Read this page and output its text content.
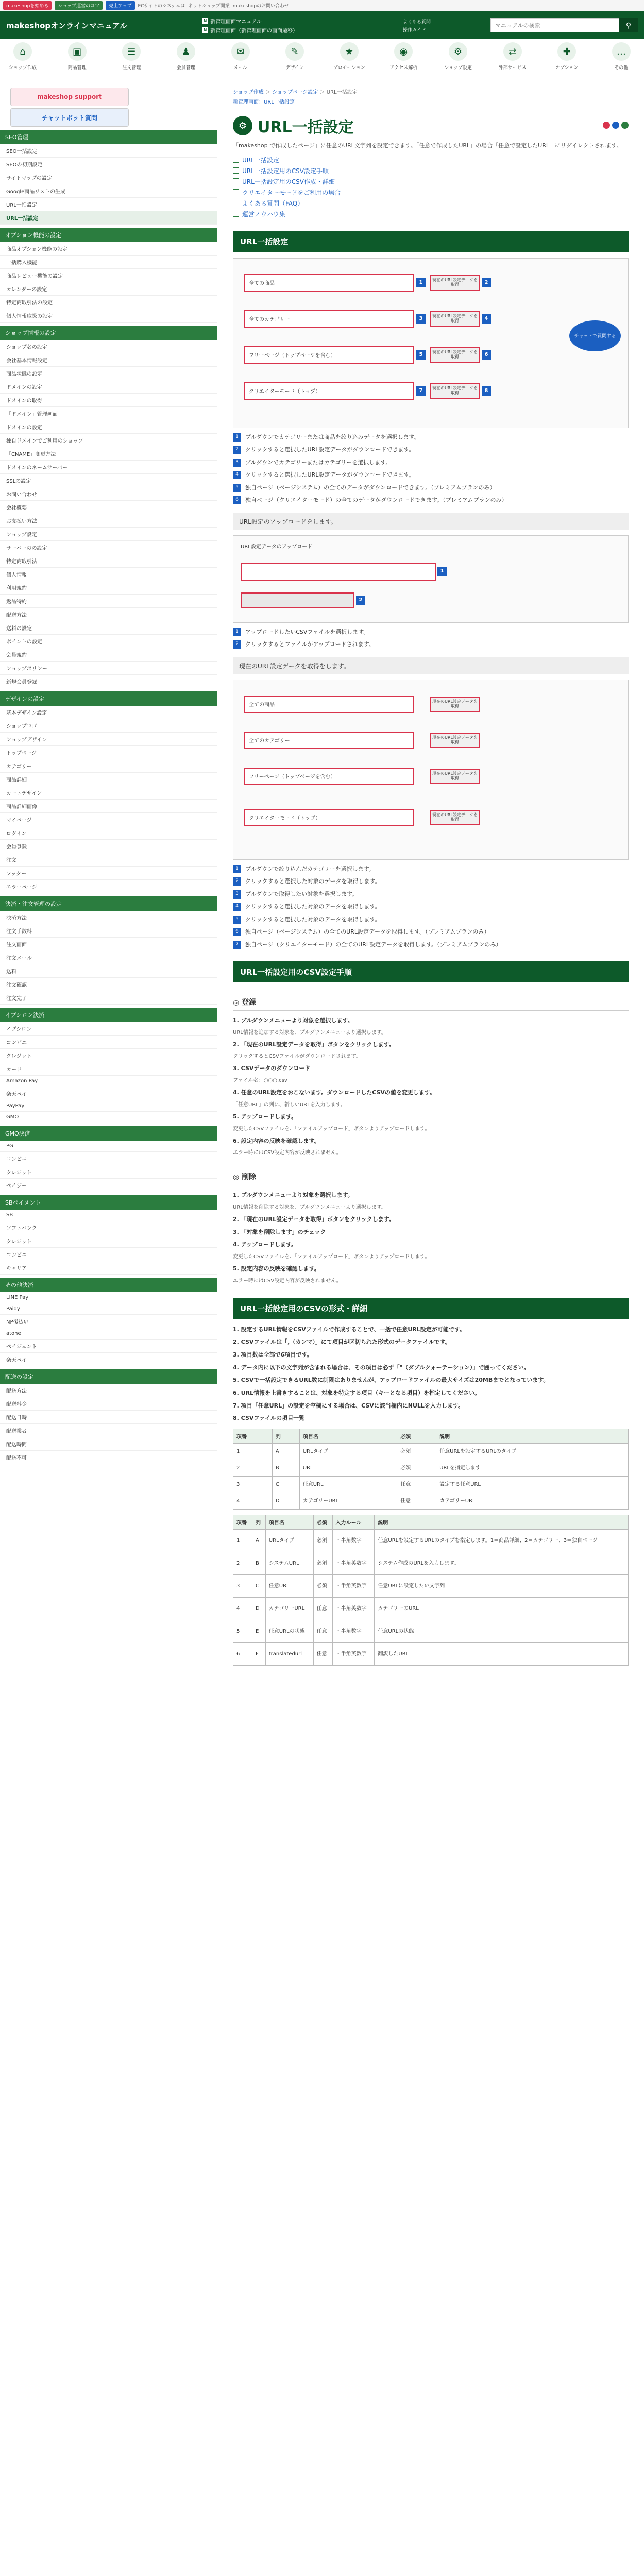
makeshopを始める	ショップ運営のコツ	売上アップ	ECサイトのシステムは ネットショップ開業 makeshopのお問い合わせ
makeshopオンラインマニュアル
N 新管理画面マニュアル
N 新管理画面（新管理画面の画面遷移）
よくある質問
操作ガイド
マニュアルの検索
⚲
⌂
ショップ作成
▣
商品管理
☰
注文管理
♟
会員管理
✉
メール
✎
デザイン
★
プロモーション
◉
アクセス解析
⚙
ショップ設定
⇄
外部サービス
✚
オプション
…
その他
makeshop support
チャットボット質問
SEO管理
SEO一括設定
SEOの初期設定
サイトマップの設定
Google商品リストの生成
URL一括設定
URL一括設定
オプション機能の設定
商品オプション機能の設定
一括購入機能
商品レビュー機能の設定
カレンダーの設定
特定商取引法の設定
個人情報取扱の設定
ショップ情報の設定
ショップ名の設定
会社基本情報設定
商品状態の設定
ドメインの設定
ドメインの取得
「ドメイン」管理画面
ドメインの設定
独自ドメインでご利用のショップ
「CNAME」変更方法
ドメインのネームサーバー
SSLの設定
お問い合わせ
会社概要
お支払い方法
ショップ設定
サーバーのの設定
特定商取引法
個人情報
利用規約
返品特約
配送方法
送料の設定
ポイントの設定
会員規約
ショップポリシー
新規会員登録
デザインの設定
基本デザイン設定
ショップロゴ
ショップデザイン
トップページ
カテゴリー
商品詳細
カートデザイン
商品詳細画像
マイページ
ログイン
会員登録
注文
フッター
エラーページ
決済・注文管理の設定
決済方法
注文手数料
注文画面
注文メール
送料
注文確認
注文完了
イプシロン決済
イプシロン
コンビニ
クレジット
カード
Amazon Pay
楽天ペイ
PayPay
GMO
GMO決済
PG
コンビニ
クレジット
ペイジー
SBペイメント
SB
ソフトバンク
クレジット
コンビニ
キャリア
その他決済
LINE Pay
Paidy
NP後払い
atone
ペイジェント
楽天ペイ
配送の設定
配送方法
配送料金
配送日時
配送業者
配送時間
配送不可
ショップ作成 ＞ ショップページ設定 ＞ URL一括設定
新管理画面：URL一括設定
⚙ URL一括設定

「makeshop で作成したページ」に任意のURL文字列を設定できます。「任意で作成したURL」の場合「任意で設定したURL」にリダイレクトされます。

URL一括設定
URL一括設定用のCSV設定手順
URL一括設定用のCSV作成・詳細
クリエイターモードをご利用の場合
よくある質問（FAQ）
運営ノウハウ集
URL一括設定
全ての商品	1	現在のURL設定データを取得	2
全てのカテゴリー	3	現在のURL設定データを取得	4
フリーページ（トップページを含む）	5	現在のURL設定データを取得	6
クリエイターモード（トップ）	7	現在のURL設定データを取得	8
チャットで質問する
1	プルダウンでカテゴリーまたは商品を絞り込みデータを選択します。
2	クリックすると選択したURL設定データがダウンロードできます。
3	プルダウンでカテゴリーまたはカテゴリーを選択します。
4	クリックすると選択したURL設定データがダウンロードできます。
5	独自ページ（ページシステム）の全てのデータがダウンロードできます。（プレミアムプランのみ）
6	独自ページ（クリエイターモード）の全てのデータがダウンロードできます。（プレミアムプランのみ）
URL設定のアップロードをします。
URL設定データのアップロード
1
2
1	アップロードしたいCSVファイルを選択します。
2	クリックするとファイルがアップロードされます。
現在のURL設定データを取得をします。
全ての商品
現在のURL設定データを取得
全てのカテゴリー
現在のURL設定データを取得
フリーページ（トップページを含む）
現在のURL設定データを取得
クリエイターモード（トップ）
現在のURL設定データを取得
1	プルダウンで絞り込んだカテゴリーを選択します。
2	クリックすると選択した対象のデータを取得します。
3	プルダウンで取得したい対象を選択します。
4	クリックすると選択した対象のデータを取得します。
5	クリックすると選択した対象のデータを取得します。
6	独自ページ（ページシステム）の全てのURL設定データを取得します。（プレミアムプランのみ）
7	独自ページ（クリエイターモード）の全てのURL設定データを取得します。（プレミアムプランのみ）
URL一括設定用のCSV設定手順
◎ 登録
1. プルダウンメニューより対象を選択します。
URL情報を追加する対象を、プルダウンメニューより選択します。
2. 「現在のURL設定データを取得」ボタンをクリックします。
クリックするとCSVファイルがダウンロードされます。
3. CSVデータのダウンロード
ファイル名：○○○.csv
4. 任意のURL設定をおこないます。ダウンロードしたCSVの値を変更します。
「任意URL」の列に、新しいURLを入力します。
5. アップロードします。
変更したCSVファイルを、「ファイルアップロード」ボタンよりアップロードします。
6. 設定内容の反映を確認します。
エラー時にはCSV設定内容が反映されません。
◎ 削除
1. プルダウンメニューより対象を選択します。
URL情報を削除する対象を、プルダウンメニューより選択します。
2. 「現在のURL設定データを取得」ボタンをクリックします。
3. 「対象を削除します」のチェック
4. アップロードします。
変更したCSVファイルを、「ファイルアップロード」ボタンよりアップロードします。
5. 設定内容の反映を確認します。
エラー時にはCSV設定内容が反映されません。
URL一括設定用のCSVの形式・詳細
1. 設定するURL情報をCSVファイルで作成することで、一括で任意URL設定が可能です。
2. CSVファイルは「,（カンマ）」にて項目が区切られた形式のデータファイルです。
3. 項目数は全部で6項目です。
4. データ内に以下の文字列が含まれる場合は、その項目は必ず「"（ダブルクォーテーション）」で囲ってください。
5. CSVで一括設定できるURL数に制限はありませんが、アップロードファイルの最大サイズは20MBまでとなっています。
6. URL情報を上書きすることは、対象を特定する項目（キーとなる項目）を指定してください。
7. 項目「任意URL」の設定を空欄にする場合は、CSVに該当欄内にNULLを入力します。
8. CSVファイルの項目一覧
項番	列	項目名	必須	説明
1	A	URLタイプ	必須	任意URLを設定するURLのタイプ
2	B	URL	必須	URLを指定します
3	C	任意URL	任意	設定する任意URL
4	D	カテゴリーURL	任意	カテゴリーURL
項番	列	項目名	必須	入力ルール	説明
1	A	URLタイプ	必須	・半角数字	任意URLを設定するURLのタイプを指定します。1＝商品詳細、2＝カテゴリー、3＝独自ページ
2	B	システムURL	必須	・半角英数字	システム作成のURLを入力します。
3	C	任意URL	必須	・半角英数字	任意URLに設定したい文字列
4	D	カテゴリーURL	任意	・半角英数字	カテゴリーのURL
5	E	任意URLの状態	任意	・半角数字	任意URLの状態
6	F	translatedurl	任意	・半角英数字	翻訳したURL
